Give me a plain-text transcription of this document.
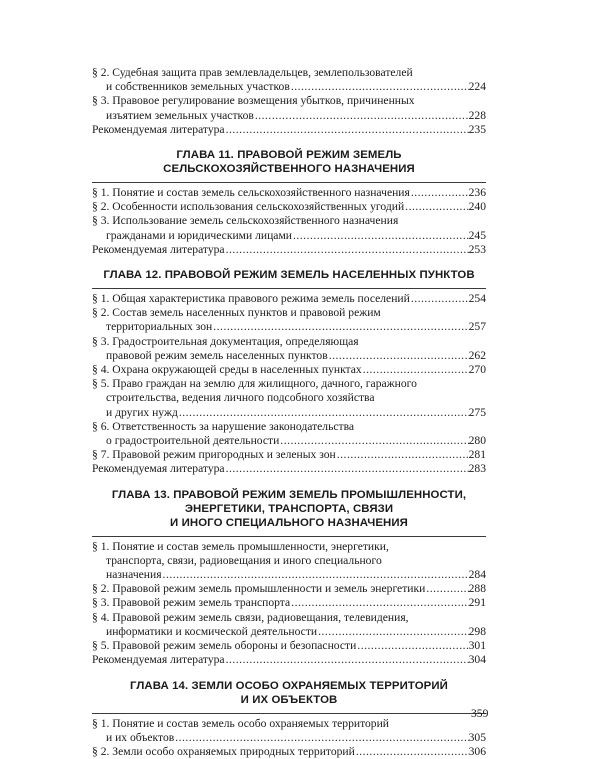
§ 2. Судебная защита прав землевладельцев, землепользователей
и собственников земельных участков . . .	224
§ 3. Правовое регулирование возмещения убытков, причиненных
изъятием земельных участков . . .	228
Рекомендуемая литература . . .	235
ГЛАВА 11. ПРАВОВОЙ РЕЖИМ ЗЕМЕЛЬ
СЕЛЬСКОХОЗЯЙСТВЕННОГО НАЗНАЧЕНИЯ
§ 1. Понятие и состав земель сельскохозяйственного назначения . . .	236
§ 2. Особенности использования сельскохозяйственных угодий . . .	240
§ 3. Использование земель сельскохозяйственного назначения
гражданами и юридическими лицами . . .	245
Рекомендуемая литература . . .	253
ГЛАВА 12. ПРАВОВОЙ РЕЖИМ ЗЕМЕЛЬ НАСЕЛЕННЫХ ПУНКТОВ
§ 1. Общая характеристика правового режима земель поселений . . .	254
§ 2. Состав земель населенных пунктов и правовой режим
территориальных зон . . .	257
§ 3. Градостроительная документация, определяющая
правовой режим земель населенных пунктов . . .	262
§ 4. Охрана окружающей среды в населенных пунктах . . .	270
§ 5. Право граждан на землю для жилищного, дачного, гаражного
строительства, ведения личного подсобного хозяйства
и других нужд . . .	275
§ 6. Ответственность за нарушение законодательства
о градостроительной деятельности . . .	280
§ 7. Правовой режим пригородных и зеленых зон . . .	281
Рекомендуемая литература . . .	283
ГЛАВА 13. ПРАВОВОЙ РЕЖИМ ЗЕМЕЛЬ ПРОМЫШЛЕННОСТИ,
ЭНЕРГЕТИКИ, ТРАНСПОРТА, СВЯЗИ
И ИНОГО СПЕЦИАЛЬНОГО НАЗНАЧЕНИЯ
§ 1. Понятие и состав земель промышленности, энергетики,
транспорта, связи, радиовещания и иного специального
назначения . . .	284
§ 2. Правовой режим земель промышленности и земель энергетики . . .	288
§ 3. Правовой режим земель транспорта . . .	291
§ 4. Правовой режим земель связи, радиовещания, телевидения,
информатики и космической деятельности . . .	298
§ 5. Правовой режим земель обороны и безопасности . . .	301
Рекомендуемая литература . . .	304
ГЛАВА 14. ЗЕМЛИ ОСОБО ОХРАНЯЕМЫХ ТЕРРИТОРИЙ
И ИХ ОБЪЕКТОВ
§ 1. Понятие и состав земель особо охраняемых территорий
и их объектов . . .	305
§ 2. Земли особо охраняемых природных территорий . . .	306
359
